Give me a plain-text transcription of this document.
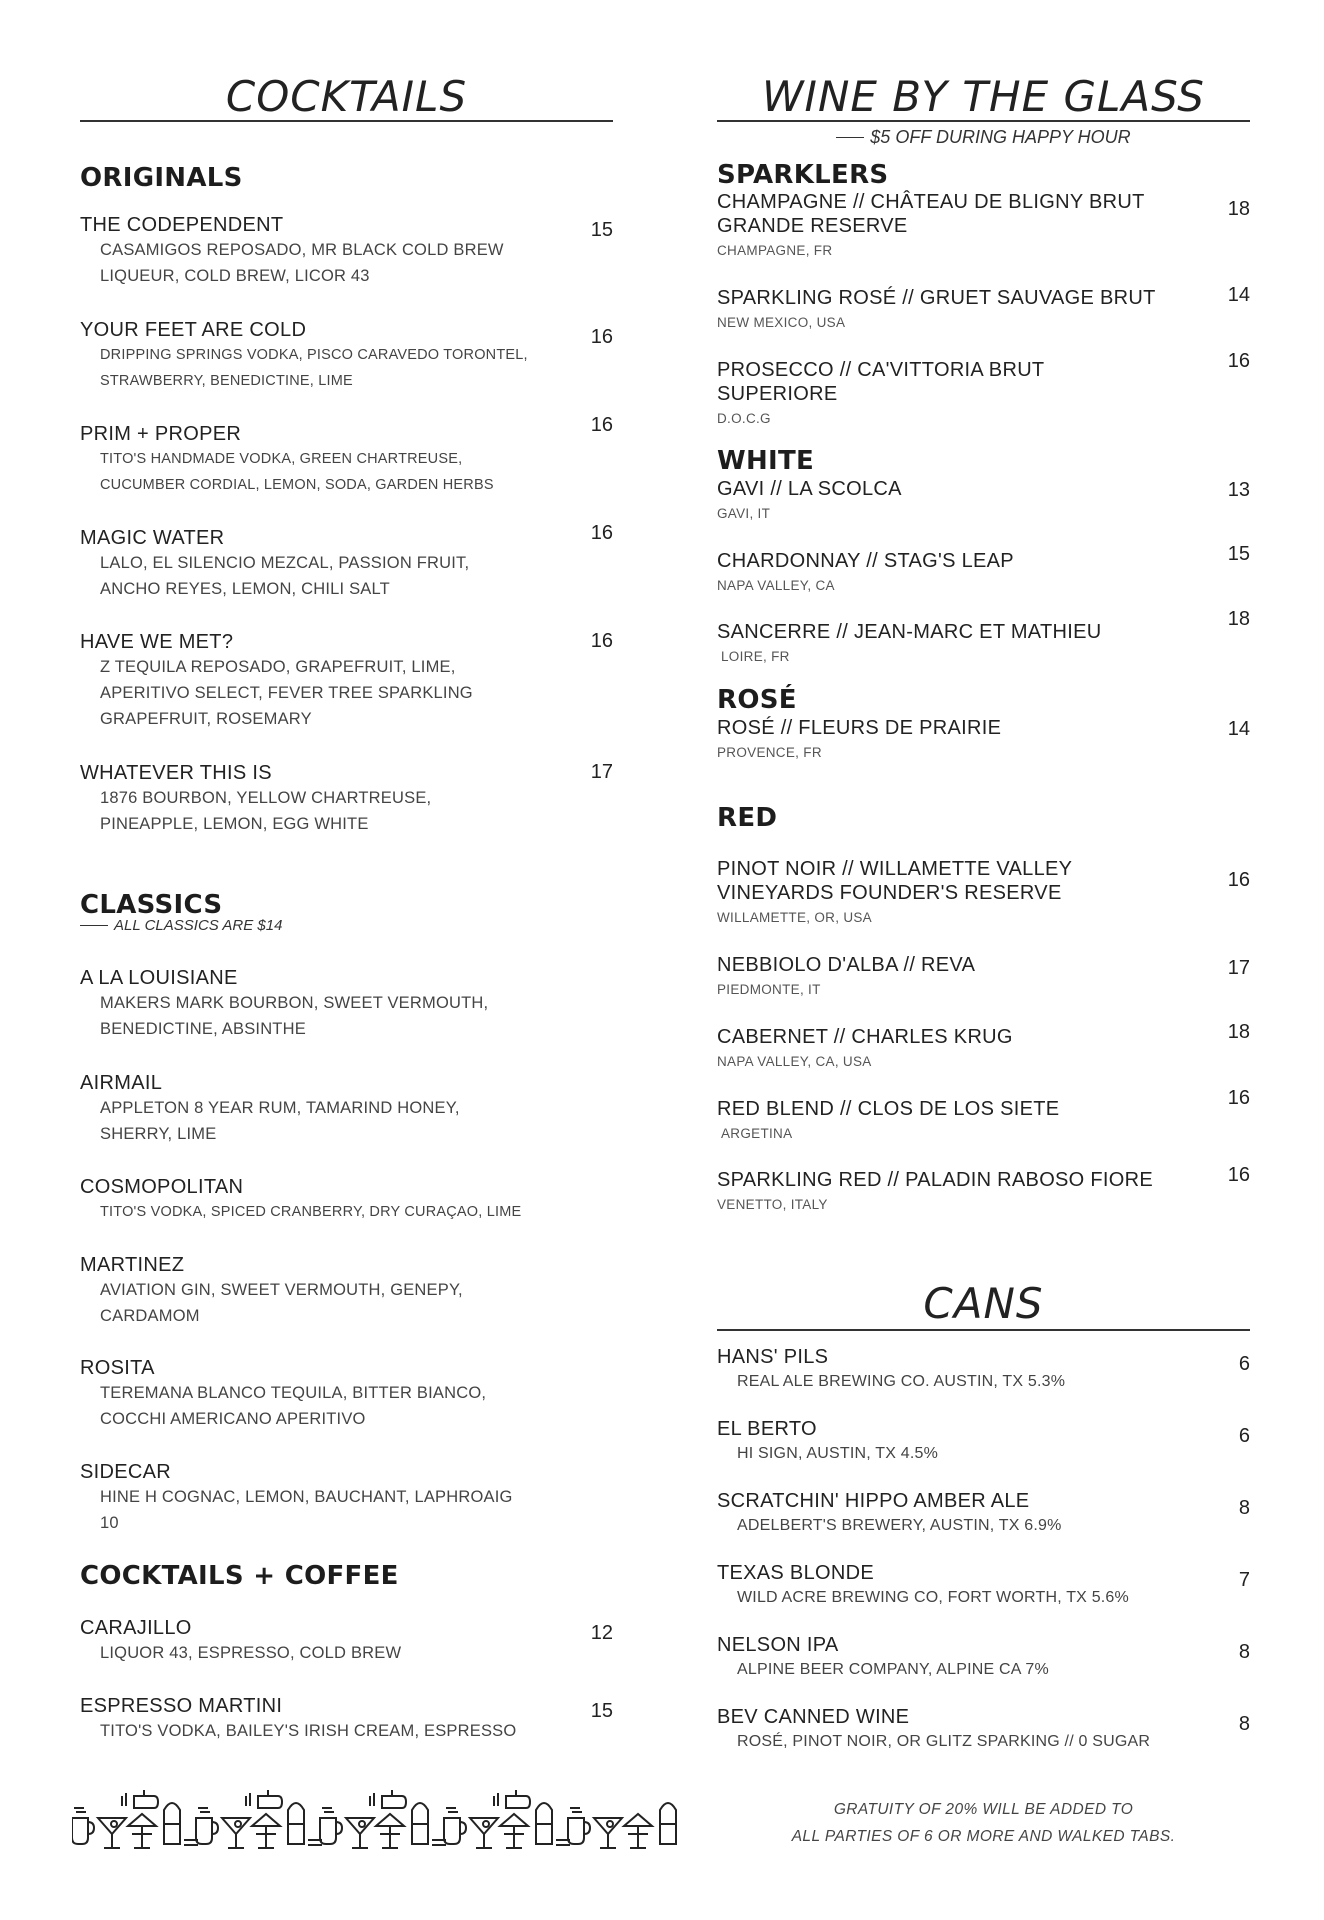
COCKTAILS
ORIGINALS
THE CODEPENDENT
CASAMIGOS REPOSADO, MR BLACK COLD BREW LIQUEUR, COLD BREW, LICOR 43
15
YOUR FEET ARE COLD
DRIPPING SPRINGS VODKA, PISCO CARAVEDO TORONTEL, STRAWBERRY, BENEDICTINE, LIME
16
PRIM + PROPER
TITO'S HANDMADE VODKA, GREEN CHARTREUSE, CUCUMBER CORDIAL, LEMON, SODA, GARDEN HERBS
16
MAGIC WATER
LALO, EL SILENCIO MEZCAL, PASSION FRUIT, ANCHO REYES, LEMON, CHILI SALT
16
HAVE WE MET?
Z TEQUILA REPOSADO, GRAPEFRUIT, LIME, APERITIVO SELECT, FEVER TREE SPARKLING GRAPEFRUIT, ROSEMARY
16
WHATEVER THIS IS
1876 BOURBON, YELLOW CHARTREUSE, PINEAPPLE, LEMON, EGG WHITE
17
CLASSICS
ALL CLASSICS ARE $14
A LA LOUISIANE
MAKERS MARK BOURBON, SWEET VERMOUTH, BENEDICTINE, ABSINTHE
AIRMAIL
APPLETON 8 YEAR RUM, TAMARIND HONEY, SHERRY, LIME
COSMOPOLITAN
TITO'S VODKA, SPICED CRANBERRY, DRY CURAÇAO, LIME
MARTINEZ
AVIATION GIN, SWEET VERMOUTH, GENEPY, CARDAMOM
ROSITA
TEREMANA BLANCO TEQUILA, BITTER BIANCO, COCCHI AMERICANO APERITIVO
SIDECAR
HINE H COGNAC, LEMON, BAUCHANT, LAPHROAIG 10
COCKTAILS + COFFEE
CARAJILLO
LIQUOR 43, ESPRESSO, COLD BREW
12
ESPRESSO MARTINI
TITO'S VODKA, BAILEY'S IRISH CREAM, ESPRESSO
15
WINE BY THE GLASS
$5 OFF DURING HAPPY HOUR
SPARKLERS
CHAMPAGNE // CHÂTEAU DE BLIGNY BRUT GRANDE RESERVE
CHAMPAGNE, FR
18
SPARKLING ROSÉ // GRUET SAUVAGE BRUT
NEW MEXICO, USA
14
PROSECCO // CA'VITTORIA BRUT SUPERIORE
D.O.C.G
16
WHITE
GAVI // LA SCOLCA
GAVI, IT
13
CHARDONNAY // STAG'S LEAP
NAPA VALLEY, CA
15
SANCERRE // JEAN-MARC ET MATHIEU
LOIRE, FR
18
ROSÉ
ROSÉ // FLEURS DE PRAIRIE
PROVENCE, FR
14
RED
PINOT NOIR // WILLAMETTE VALLEY VINEYARDS FOUNDER'S RESERVE
WILLAMETTE, OR, USA
16
NEBBIOLO D'ALBA // REVA
PIEDMONTE, IT
17
CABERNET // CHARLES KRUG
NAPA VALLEY, CA, USA
18
RED BLEND // CLOS DE LOS SIETE
ARGETINA
16
SPARKLING RED // PALADIN RABOSO FIORE
VENETTO, ITALY
16
CANS
HANS' PILS
REAL ALE BREWING CO. AUSTIN, TX 5.3%
6
EL BERTO
HI SIGN, AUSTIN, TX 4.5%
6
SCRATCHIN' HIPPO AMBER ALE
ADELBERT'S BREWERY, AUSTIN, TX 6.9%
8
TEXAS BLONDE
WILD ACRE BREWING CO, FORT WORTH, TX 5.6%
7
NELSON IPA
ALPINE BEER COMPANY, ALPINE CA 7%
8
BEV CANNED WINE
ROSÉ, PINOT NOIR, OR GLITZ SPARKING // 0 SUGAR
8
GRATUITY OF 20% WILL BE ADDED TO
ALL PARTIES OF 6 OR MORE AND WALKED TABS.
